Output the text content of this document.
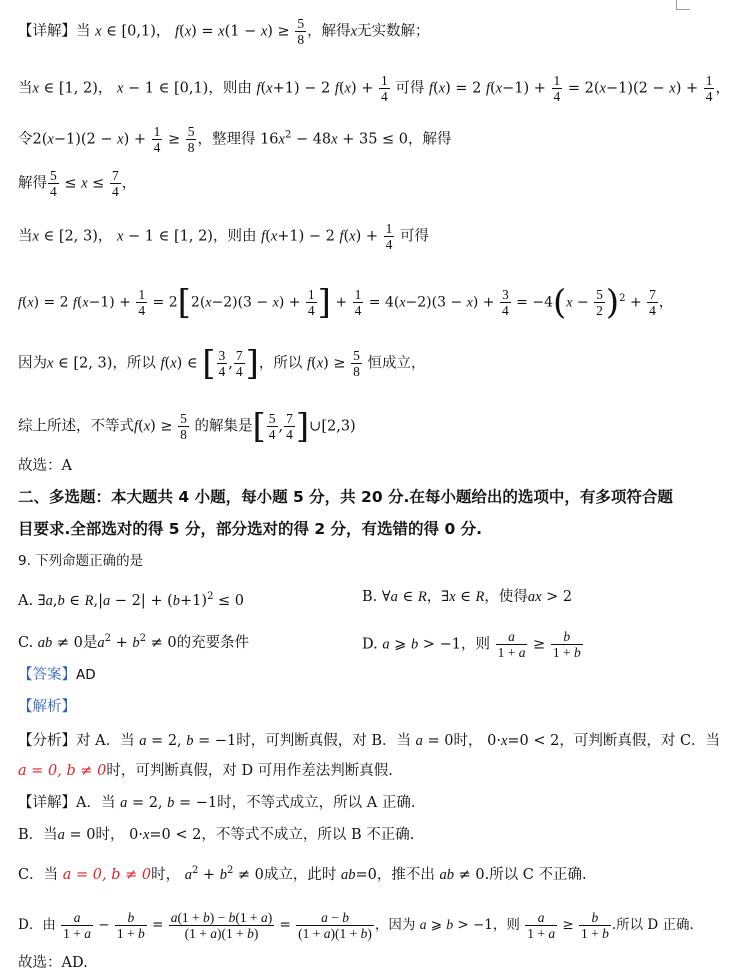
【详解】当 x ∈ [0,1)， $f(x) = x(1 - x) \ge \frac{5}{8}$ ，解得x无实数解；
当x ∈ [1, 2)， x − 1 ∈ [0,1)，则由 f(x+1) − 2 $f(x) + \frac{1}{4}$ 可得 f(x) = 2 $f(x-1) + \frac{1}{4} = 2(x-1)(2 - x) + \frac{1}{4}$ ，
令$2(x-1)(2 - x) + \frac{1}{4} \ge \frac{5}{8}$ ，整理得 $16x^2 - 48x + 35 \le 0$，解得
解得 $\frac{5}{4} \le x \le \frac{7}{4}$ ，
当x ∈ [2, 3)， x − 1 ∈ [1, 2)，则由 f(x+1) − 2 $f(x) + \frac{1}{4}$ 可得
f(x) = 2 $f(x-1) + \frac{1}{4} = 2[2(x-2)(3 - x) + \frac{1}{4}$ ] + $\frac{1}{4} = 4(x-2)(3 - x) + \frac{3}{4} = -4(x - \frac{5}{2} )^2 + \frac{7}{4}$ ，
因为x ∈ [2, 3)，所以 f(x) ∈ [ $\frac{3}{4}$ , $\frac{7}{4}$ ]，所以 $f(x) \ge \frac{5}{8}$ 恒成立，
综上所述，不等式$f(x) \ge \frac{5}{8}$ 的解集是[ $\frac{5}{4}$ , $\frac{7}{4}$ ]∪[2,3)
故选：A
二、多选题：本大题共 4 小题，每小题 5 分，共 20 分.在每小题给出的选项中，有多项符合题
目要求.全部选对的得 5 分，部分选对的得 2 分，有选错的得 0 分.
9. 下列命题正确的是
A. ∃a,b ∈ $R,|a - 2| + (b+1)^2 \le 0$	B. ∀a ∈ R，∃x ∈ R，使得ax > 2
C. ab ≠ 0是$a^2 + b^2 \ne 0$的充要条件	D. a ⩾ b > −1，则 $\frac{a}{1 + a} \ge \frac{b}{1 + b}$
【答案】AD
【解析】
【分析】对 A．当 a = 2, b = −1时，可判断真假，对 B．当 a = 0时， 0·x=0 < 2，可判断真假，对 C．当
a = 0, b ≠ 0时，可判断真假，对 D 可用作差法判断真假.
【详解】A．当 a = 2, b = −1时，不等式成立，所以 A 正确.
B．当a = 0时， 0·x=0 < 2，不等式不成立，所以 B 不正确.
C．当 a = 0, b ≠ 0时， $a^2 + b^2 \ne 0$成立，此时 ab=0，推不出 ab ≠ 0.所以 C 不正确.
D．由 $\frac{a}{1 + a} - \frac{b}{1 + b} = \frac{a(1 + b) - b(1 + a)}{(1 + a)(1 + b)} = \frac{a - b}{(1 + a)(1 + b)}$ ，因为 a ⩾ b > −1，则 $\frac{a}{1 + a} \ge \frac{b}{1 + b}$ .所以 D 正确.
故选：AD.
